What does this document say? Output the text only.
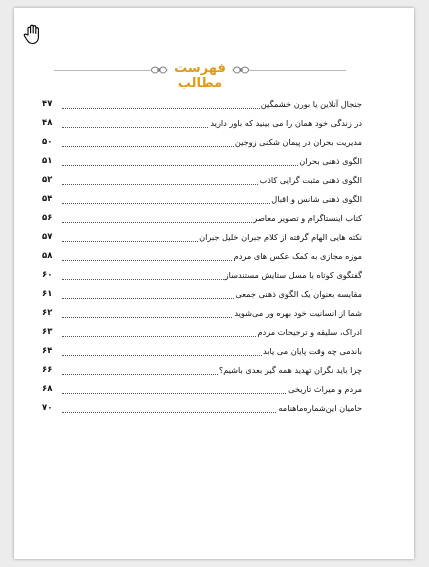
فهرست مطالب
۴۷	جنجال آنلاین یا بورن خشمگین
۴۸	در زندگی خود همان را می بینید که باور دارید
۵۰	مدیریت بحران در پیمان شکنی زوجین
۵۱	الگوی ذهنی بحران
۵۲	الگوی ذهنی مثبت گرایی کاذب
۵۴	الگوی ذهنی شانس و اقبال
۵۶	کتاب اینستاگرام و تصویر معاصر
۵۷	نکته هایی الهام گرفته از کلام جبران خلیل جبران
۵۸	موزه مجازی به کمک عکس های مردم
۶۰	گفتگوی کوتاه با مسل ستایش مستندساز
۶۱	مقایسه بعنوان یک الگوی ذهنی جمعی
۶۲	شما از انسانیت خود بهره ور می‌شوید
۶۳	ادراک، سلیقه و ترجیحات مردم
۶۴	باندمی چه وقت پایان می یابد
۶۶	چرا باید نگران تهدید همه گیر بعدی باشیم؟
۶۸	مردم و میراث تاریخی
۷۰	حامیان این‌شماره‌ماهنامه
